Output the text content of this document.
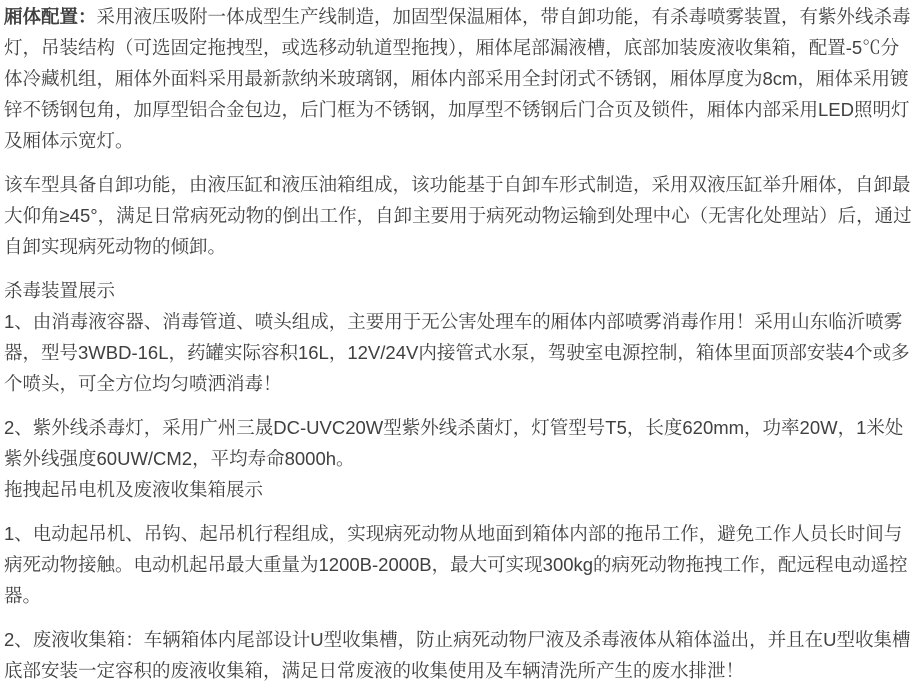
厢体配置：采用液压吸附一体成型生产线制造，加固型保温厢体，带自卸功能，有杀毒喷雾装置，有紫外线杀毒灯，吊装结构（可选固定拖拽型，或选移动轨道型拖拽），厢体尾部漏液槽，底部加装废液收集箱，配置-5℃分体冷藏机组，厢体外面料采用最新款纳米玻璃钢，厢体内部采用全封闭式不锈钢，厢体厚度为8cm，厢体采用镀锌不锈钢包角，加厚型铝合金包边，后门框为不锈钢，加厚型不锈钢后门合页及锁件，厢体内部采用LED照明灯及厢体示宽灯。

该车型具备自卸功能，由液压缸和液压油箱组成，该功能基于自卸车形式制造，采用双液压缸举升厢体，自卸最大仰角≥45°，满足日常病死动物的倒出工作，自卸主要用于病死动物运输到处理中心（无害化处理站）后，通过自卸实现病死动物的倾卸。

杀毒装置展示
1、由消毒液容器、消毒管道、喷头组成，主要用于无公害处理车的厢体内部喷雾消毒作用！采用山东临沂喷雾器，型号3WBD-16L，药罐实际容积16L，12V/24V内接管式水泵，驾驶室电源控制，箱体里面顶部安装4个或多个喷头，可全方位均匀喷洒消毒！

2、紫外线杀毒灯，采用广州三晟DC-UVC20W型紫外线杀菌灯，灯管型号T5，长度620mm，功率20W，1米处紫外线强度60UW/CM2，平均寿命8000h。
拖拽起吊电机及废液收集箱展示

1、电动起吊机、吊钩、起吊机行程组成，实现病死动物从地面到箱体内部的拖吊工作，避免工作人员长时间与病死动物接触。电动机起吊最大重量为1200B-2000B，最大可实现300kg的病死动物拖拽工作，配远程电动遥控器。

2、废液收集箱：车辆箱体内尾部设计U型收集槽，防止病死动物尸液及杀毒液体从箱体溢出，并且在U型收集槽底部安装一定容积的废液收集箱，满足日常废液的收集使用及车辆清洗所产生的废水排泄！
